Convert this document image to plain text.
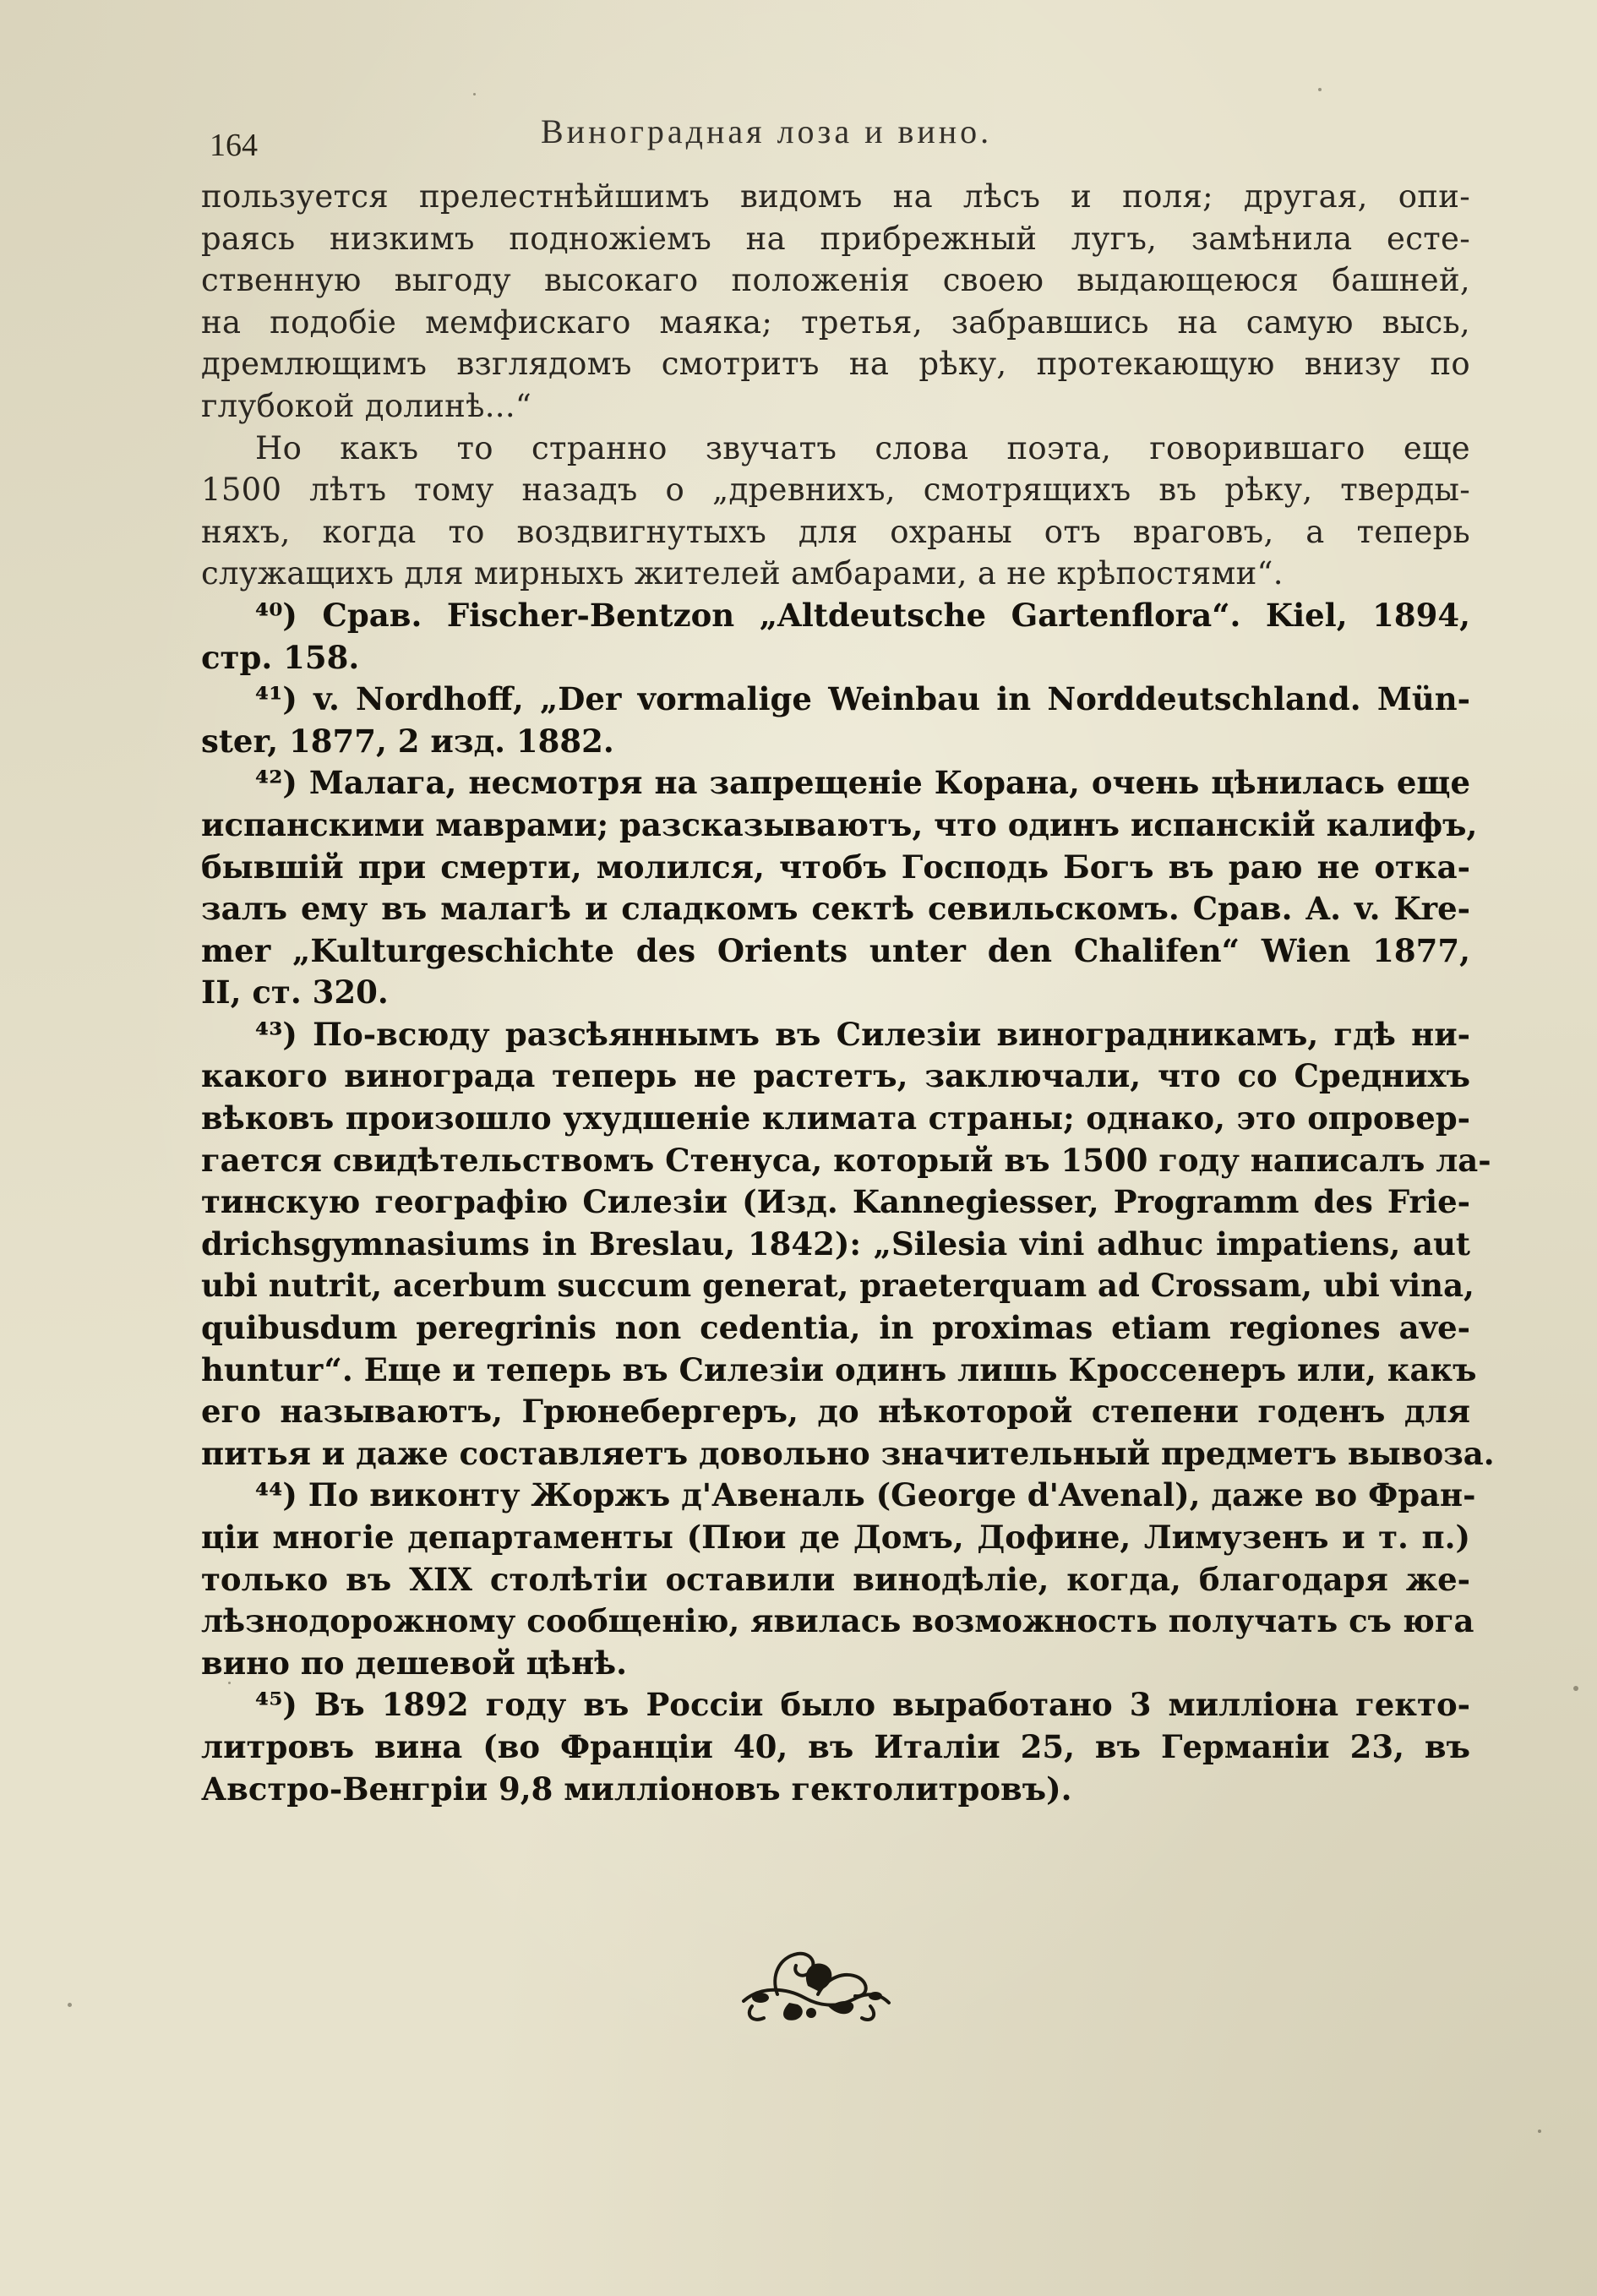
164	Виноградная лоза и вино.
пользуется прелестнѣйшимъ видомъ на лѣсъ и поля; другая, опи-
раясь низкимъ подножіемъ на прибрежный лугъ, замѣнила есте-
ственную выгоду высокаго положенія своею выдающеюся башней,
на подобіе мемфискаго маяка; третья, забравшись на самую высь,
дремлющимъ взглядомъ смотритъ на рѣку, протекающую внизу по
глубокой долинѣ...“
Но какъ то странно звучатъ слова поэта, говорившаго еще
1500 лѣтъ тому назадъ о „древнихъ, смотрящихъ въ рѣку, тверды-
няхъ, когда то воздвигнутыхъ для охраны отъ враговъ, а теперь
служащихъ для мирныхъ жителей амбарами, а не крѣпостями“.
⁴⁰) Срав. Fischer-Bentzon „Altdeutsche Gartenflora“. Kiel, 1894,
стр. 158.
⁴¹) v. Nordhoff, „Der vormalige Weinbau in Norddeutschland. Mün-
ster, 1877, 2 изд. 1882.
⁴²) Малага, несмотря на запрещеніе Корана, очень цѣнилась еще
испанскими маврами; разсказываютъ, что одинъ испанскій калифъ,
бывшій при смерти, молился, чтобъ Господь Богъ въ раю не отка-
залъ ему въ малагѣ и сладкомъ сектѣ севильскомъ. Срав. A. v. Kre-
mer „Kulturgeschichte des Orients unter den Chalifen“ Wien 1877,
II, ст. 320.
⁴³) По-всюду разсѣяннымъ въ Силезіи виноградникамъ, гдѣ ни-
какого винограда теперь не растетъ, заключали, что со Среднихъ
вѣковъ произошло ухудшеніе климата страны; однако, это опровер-
гается свидѣтельствомъ Стенуса, который въ 1500 году написалъ ла-
тинскую географію Силезіи (Изд. Kannegiesser, Programm des Frie-
drichsgymnasiums in Breslau, 1842): „Silesia vini adhuc impatiens, aut
ubi nutrit, acerbum succum generat, praeterquam ad Crossam, ubi vina,
quibusdum peregrinis non cedentia, in proximas etiam regiones ave-
huntur“. Еще и теперь въ Силезіи одинъ лишь Кроссенеръ или, какъ
его называютъ, Грюнебергеръ, до нѣкоторой степени годенъ для
питья и даже составляетъ довольно значительный предметъ вывоза.
⁴⁴) По виконту Жоржъ д'Авеналь (George d'Avenal), даже во Фран-
ціи многіе департаменты (Пюи де Домъ, Дофине, Лимузенъ и т. п.)
только въ XIX столѣтіи оставили винодѣліе, когда, благодаря же-
лѣзнодорожному сообщенію, явилась возможность получать съ юга
вино по дешевой цѣнѣ.
⁴⁵) Въ 1892 году въ Россіи было выработано 3 милліона гекто-
литровъ вина (во Франціи 40, въ Италіи 25, въ Германіи 23, въ
Австро-Венгріи 9,8 милліоновъ гектолитровъ).
